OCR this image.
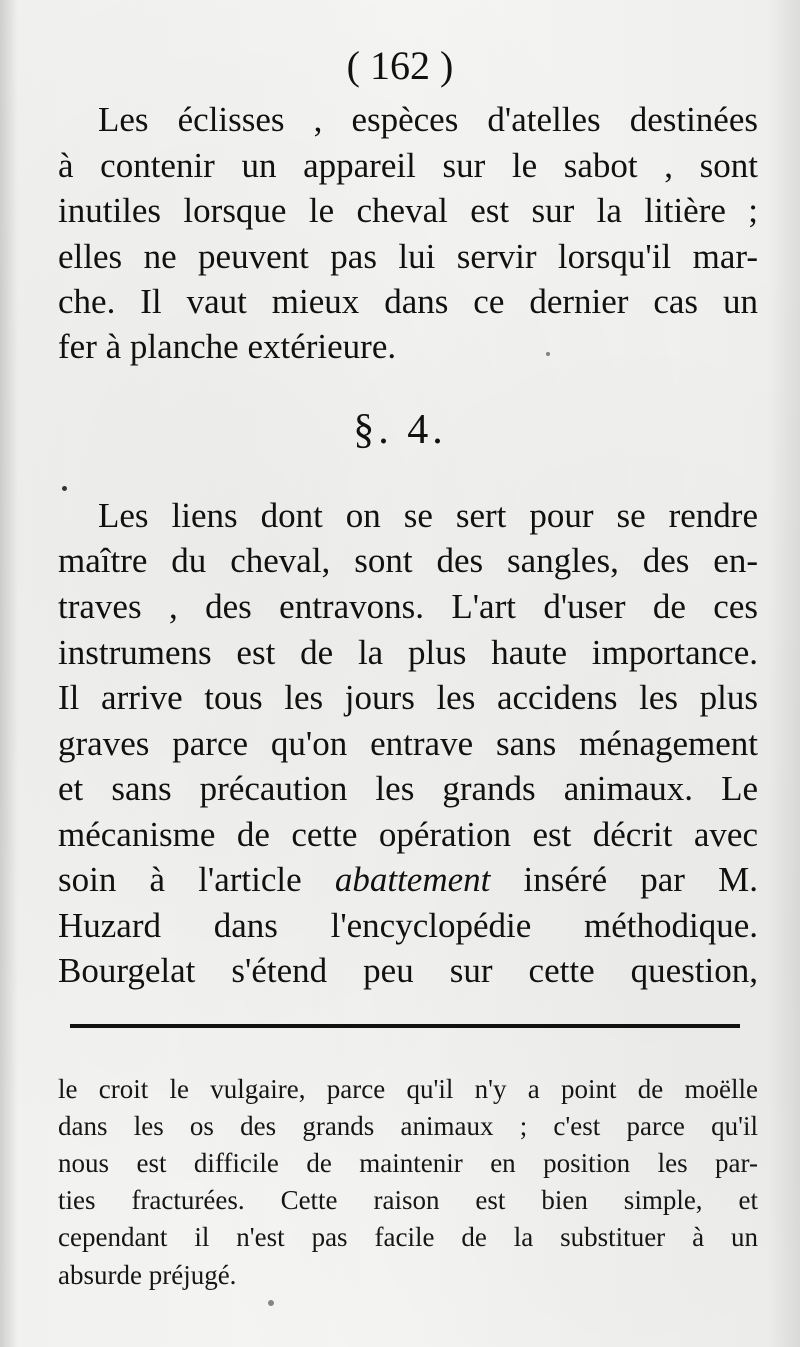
( 162 )
Les éclisses , espèces d'atelles destinées
à contenir un appareil sur le sabot , sont
inutiles lorsque le cheval est sur la litière ;
elles ne peuvent pas lui servir lorsqu'il mar-
che. Il vaut mieux dans ce dernier cas un
fer à planche extérieure.
§. 4.
Les liens dont on se sert pour se rendre
maître du cheval, sont des sangles, des en-
traves , des entravons. L'art d'user de ces
instrumens est de la plus haute importance.
Il arrive tous les jours les accidens les plus
graves parce qu'on entrave sans ménagement
et sans précaution les grands animaux. Le
mécanisme de cette opération est décrit avec
soin à l'article abattement inséré par M.
Huzard dans l'encyclopédie méthodique.
Bourgelat s'étend peu sur cette question,
le croit le vulgaire, parce qu'il n'y a point de moëlle
dans les os des grands animaux ; c'est parce qu'il
nous est difficile de maintenir en position les par-
ties fracturées. Cette raison est bien simple, et
cependant il n'est pas facile de la substituer à un
absurde préjugé.
